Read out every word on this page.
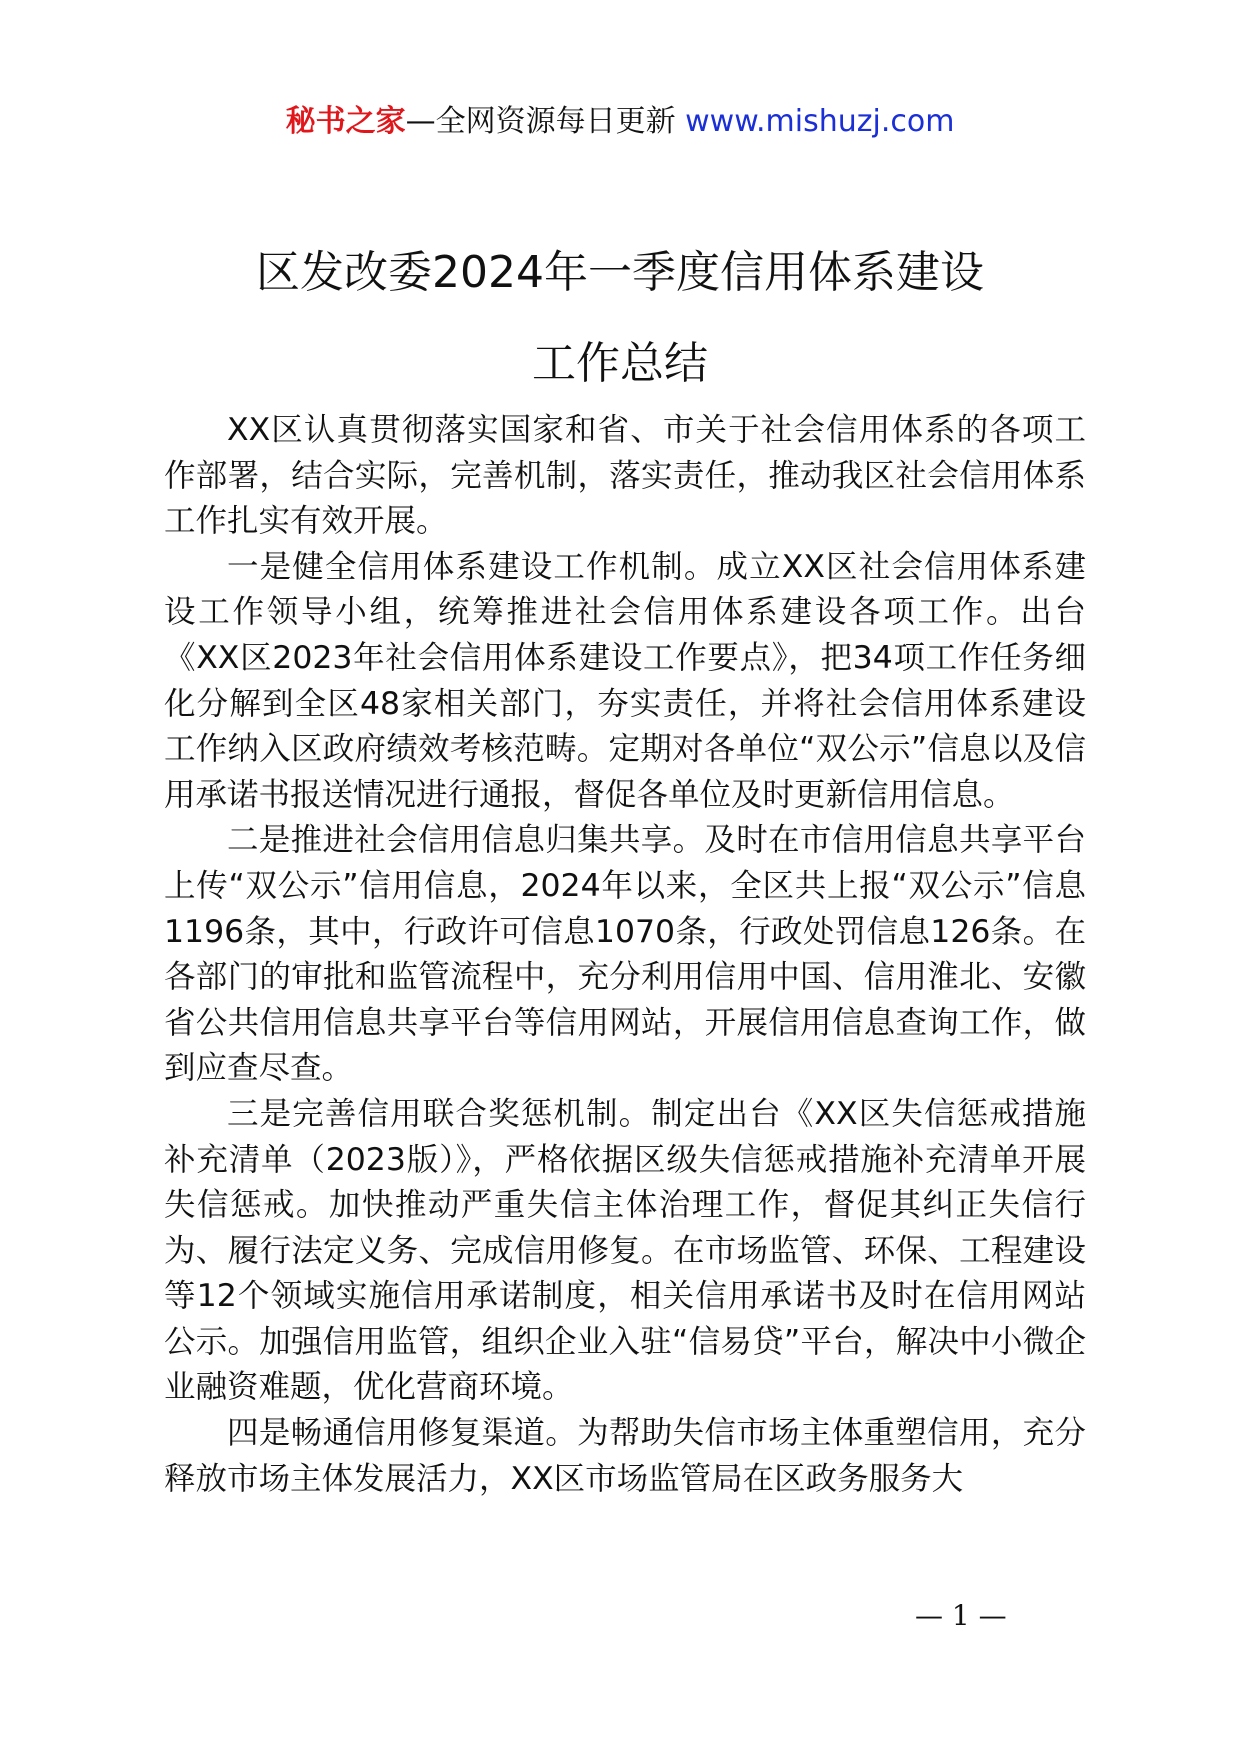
秘书之家—全网资源每日更新 www.mishuzj.com
区发改委2024年一季度信用体系建设
工作总结

XX区认真贯彻落实国家和省、市关于社会信用体系的各项工作部署，结合实际，完善机制，落实责任，推动我区社会信用体系工作扎实有效开展。

一是健全信用体系建设工作机制。成立XX区社会信用体系建设工作领导小组，统筹推进社会信用体系建设各项工作。出台《XX区2023年社会信用体系建设工作要点》，把34项工作任务细化分解到全区48家相关部门，夯实责任，并将社会信用体系建设工作纳入区政府绩效考核范畴。定期对各单位“双公示”信息以及信用承诺书报送情况进行通报，督促各单位及时更新信用信息。

二是推进社会信用信息归集共享。及时在市信用信息共享平台上传“双公示”信用信息，2024年以来，全区共上报“双公示”信息1196条，其中，行政许可信息1070条，行政处罚信息126条。在各部门的审批和监管流程中，充分利用信用中国、信用淮北、安徽省公共信用信息共享平台等信用网站，开展信用信息查询工作，做到应查尽查。

三是完善信用联合奖惩机制。制定出台《XX区失信惩戒措施补充清单（2023版）》，严格依据区级失信惩戒措施补充清单开展失信惩戒。加快推动严重失信主体治理工作，督促其纠正失信行为、履行法定义务、完成信用修复。在市场监管、环保、工程建设等12个领域实施信用承诺制度，相关信用承诺书及时在信用网站公示。加强信用监管，组织企业入驻“信易贷”平台，解决中小微企业融资难题，优化营商环境。

四是畅通信用修复渠道。为帮助失信市场主体重塑信用，充分释放市场主体发展活力，XX区市场监管局在区政务服务大

— 1 —
